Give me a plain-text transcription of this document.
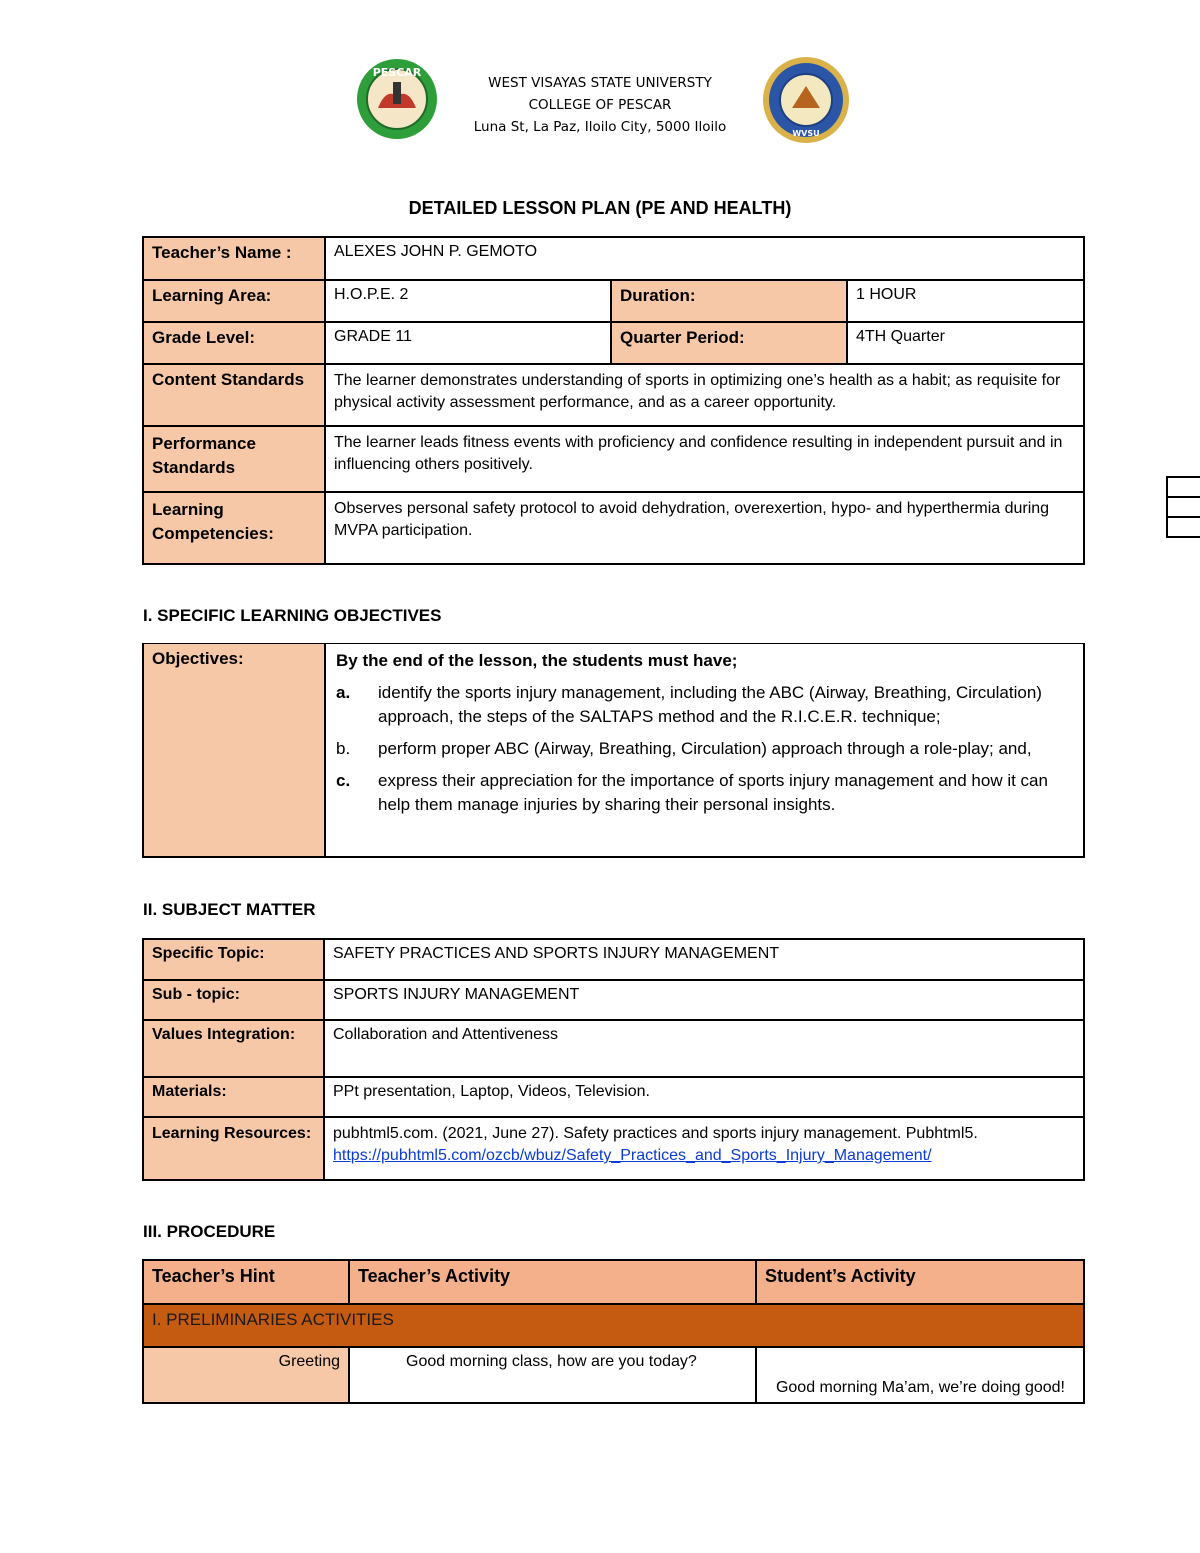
PESCAR
WEST VISAYAS STATE UNIVERSTY
COLLEGE OF PESCAR
Luna St, La Paz, Iloilo City, 5000 Iloilo	WVSU
DETAILED LESSON PLAN (PE AND HEALTH)
Teacher’s Name :	ALEXES JOHN P. GEMOTO		
Learning Area:	H.O.P.E. 2	Duration:	1 HOUR
Grade Level:	GRADE 11	Quarter Period:	4TH Quarter
Content Standards	The learner demonstrates understanding of sports in optimizing one’s health as a habit; as requisite for physical activity assessment performance, and as a career opportunity.		
Performance Standards	The learner leads fitness events with proficiency and confidence resulting in independent pursuit and in influencing others positively.		
Learning Competencies:	Observes personal safety protocol to avoid dehydration, overexertion, hypo- and hyperthermia during MVPA participation.		
I. SPECIFIC LEARNING OBJECTIVES
Objectives:	By the end of the lesson, the students must have;
a.	identify the sports injury management, including the ABC (Airway, Breathing, Circulation) approach, the steps of the SALTAPS method and the R.I.C.E.R. technique;
b.	perform proper ABC (Airway, Breathing, Circulation) approach through a role-play; and,
c.	express their appreciation for the importance of sports injury management and how it can help them manage injuries by sharing their personal insights.
II. SUBJECT MATTER
Specific Topic:	SAFETY PRACTICES AND SPORTS INJURY MANAGEMENT
Sub - topic:	SPORTS INJURY MANAGEMENT
Values Integration:	Collaboration and Attentiveness
Materials:	PPt presentation, Laptop, Videos, Television.
Learning Resources:	pubhtml5.com. (2021, June 27). Safety practices and sports injury management. Pubhtml5.
https://pubhtml5.com/ozcb/wbuz/Safety_Practices_and_Sports_Injury_Management/
III. PROCEDURE
Teacher’s Hint	Teacher’s Activity	Student’s Activity
I. PRELIMINARIES ACTIVITIES		
Greeting	Good morning class, how are you today?	Good morning Ma’am, we’re doing good!
